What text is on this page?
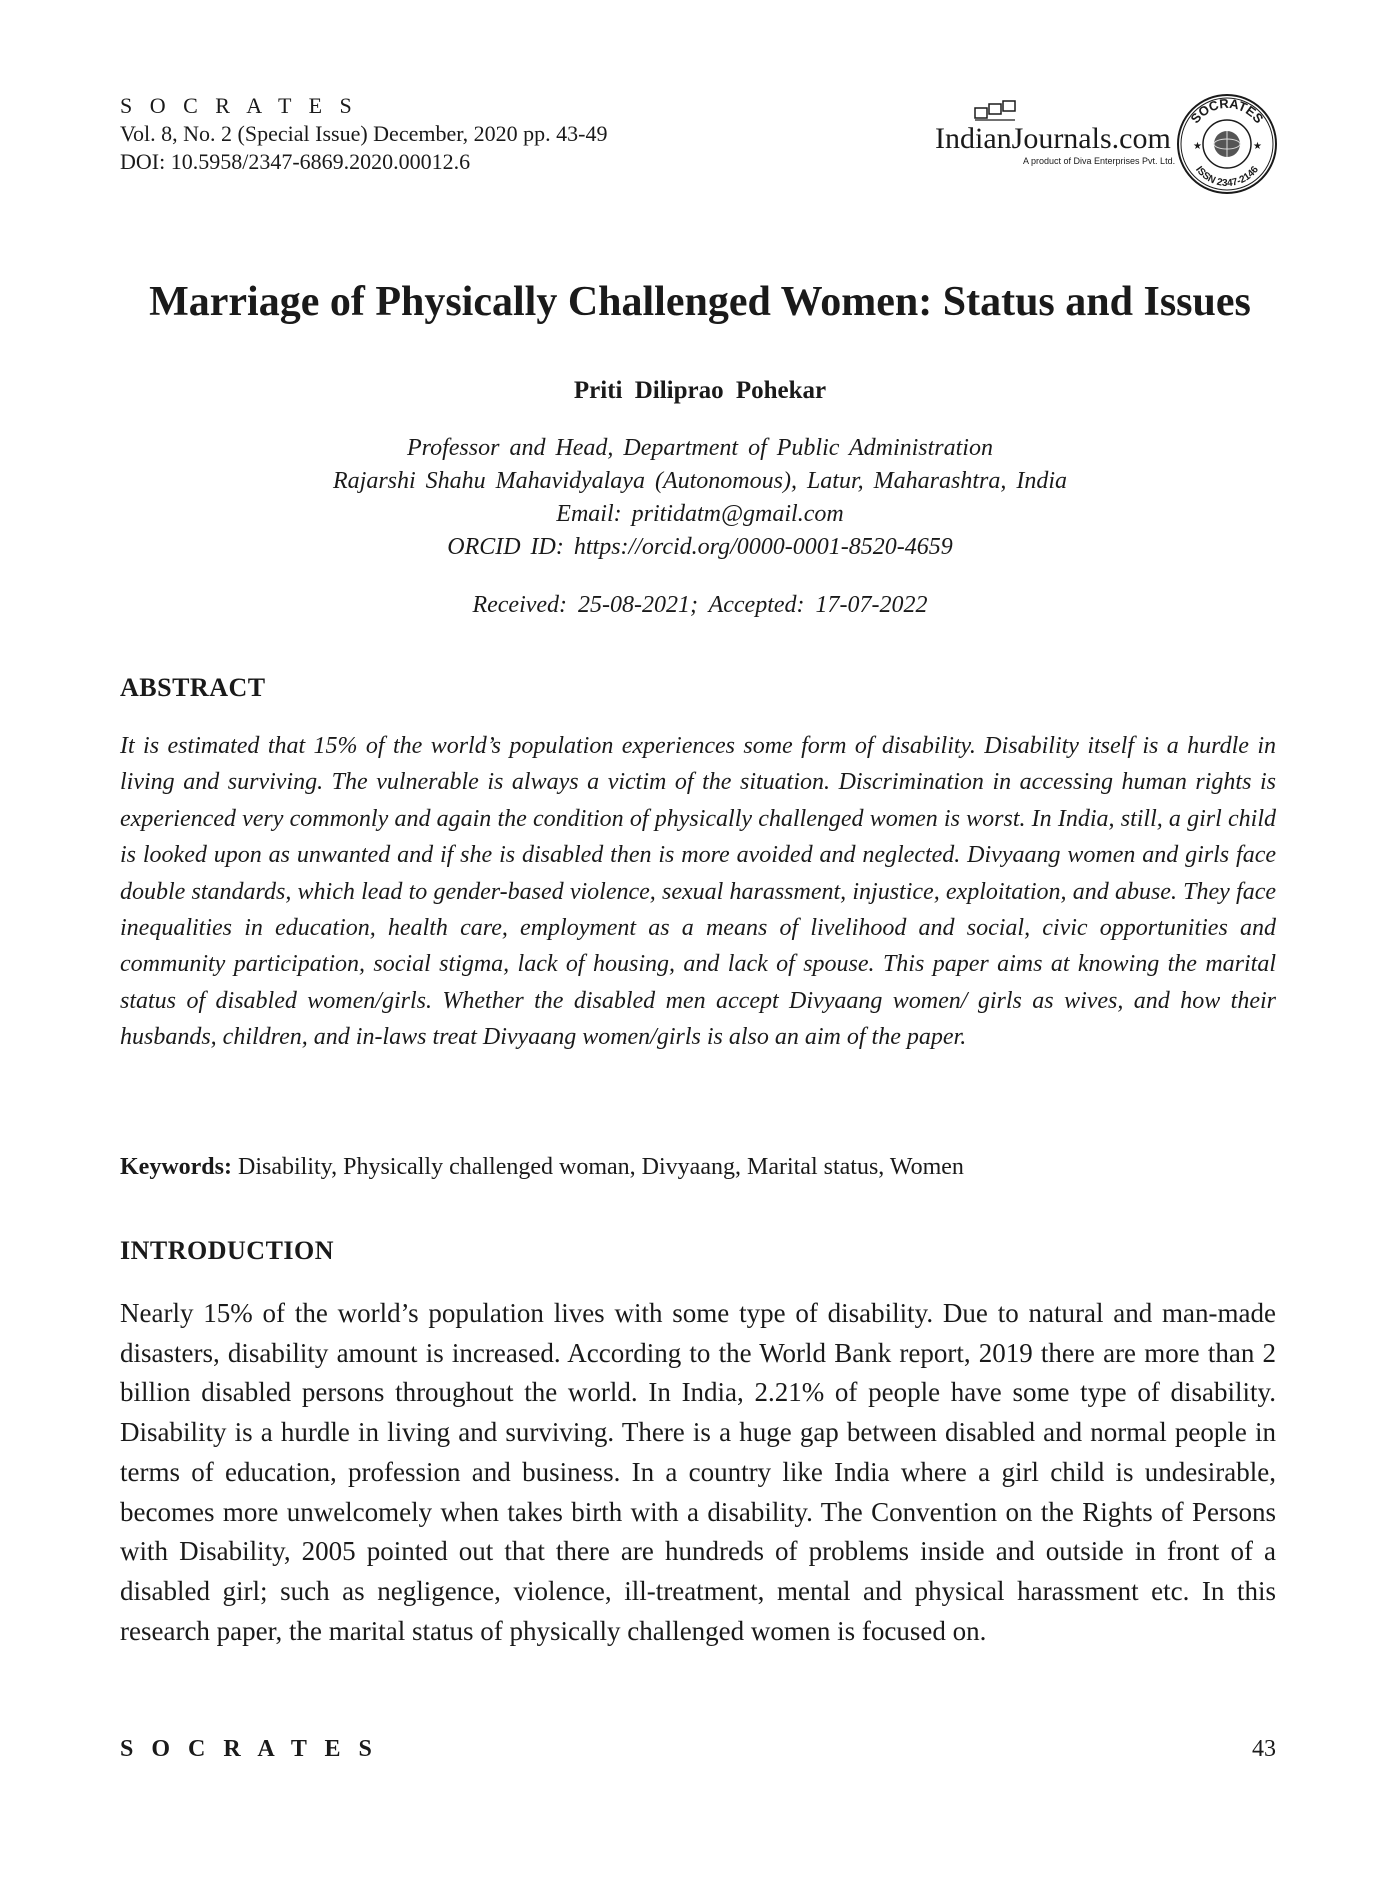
S O C R A T E S
Vol. 8, No. 2 (Special Issue) December, 2020 pp. 43-49
DOI: 10.5958/2347-6869.2020.00012.6
IndianJournals.com
A product of Diva Enterprises Pvt. Ltd.
SOCRATES
ISSN 2347-2146
★	★
Marriage of Physically Challenged Women: Status and Issues
Priti Diliprao Pohekar
Professor and Head, Department of Public Administration
Rajarshi Shahu Mahavidyalaya (Autonomous), Latur, Maharashtra, India
Email: pritidatm@gmail.com
ORCID ID: https://orcid.org/0000-0001-8520-4659
Received: 25-08-2021; Accepted: 17-07-2022
ABSTRACT

It is estimated that 15% of the world’s population experiences some form of disability. Disability itself is a hurdle in living and surviving. The vulnerable is always a victim of the situation. Discrimination in accessing human rights is experienced very commonly and again the condition of physically challenged women is worst. In India, still, a girl child is looked upon as unwanted and if she is disabled then is more avoided and neglected. Divyaang women and girls face double standards, which lead to gender-based violence, sexual harassment, injustice, exploitation, and abuse. They face inequalities in education, health care, employment as a means of livelihood and social, civic opportunities and community participation, social stigma, lack of housing, and lack of spouse. This paper aims at knowing the marital status of disabled women/girls. Whether the disabled men accept Divyaang women/ girls as wives, and how their husbands, children, and in-laws treat Divyaang women/girls is also an aim of the paper.

Keywords: Disability, Physically challenged woman, Divyaang, Marital status, Women
INTRODUCTION

Nearly 15% of the world’s population lives with some type of disability. Due to natural and man-made disasters, disability amount is increased. According to the World Bank report, 2019 there are more than 2 billion disabled persons throughout the world. In India, 2.21% of people have some type of disability. Disability is a hurdle in living and surviving. There is a huge gap between disabled and normal people in terms of education, profession and business. In a country like India where a girl child is undesirable, becomes more unwelcomely when takes birth with a disability. The Convention on the Rights of Persons with Disability, 2005 pointed out that there are hundreds of problems inside and outside in front of a disabled girl; such as negligence, violence, ill-treatment, mental and physical harassment etc. In this research paper, the marital status of physically challenged women is focused on.

S O C R A T E S	43
